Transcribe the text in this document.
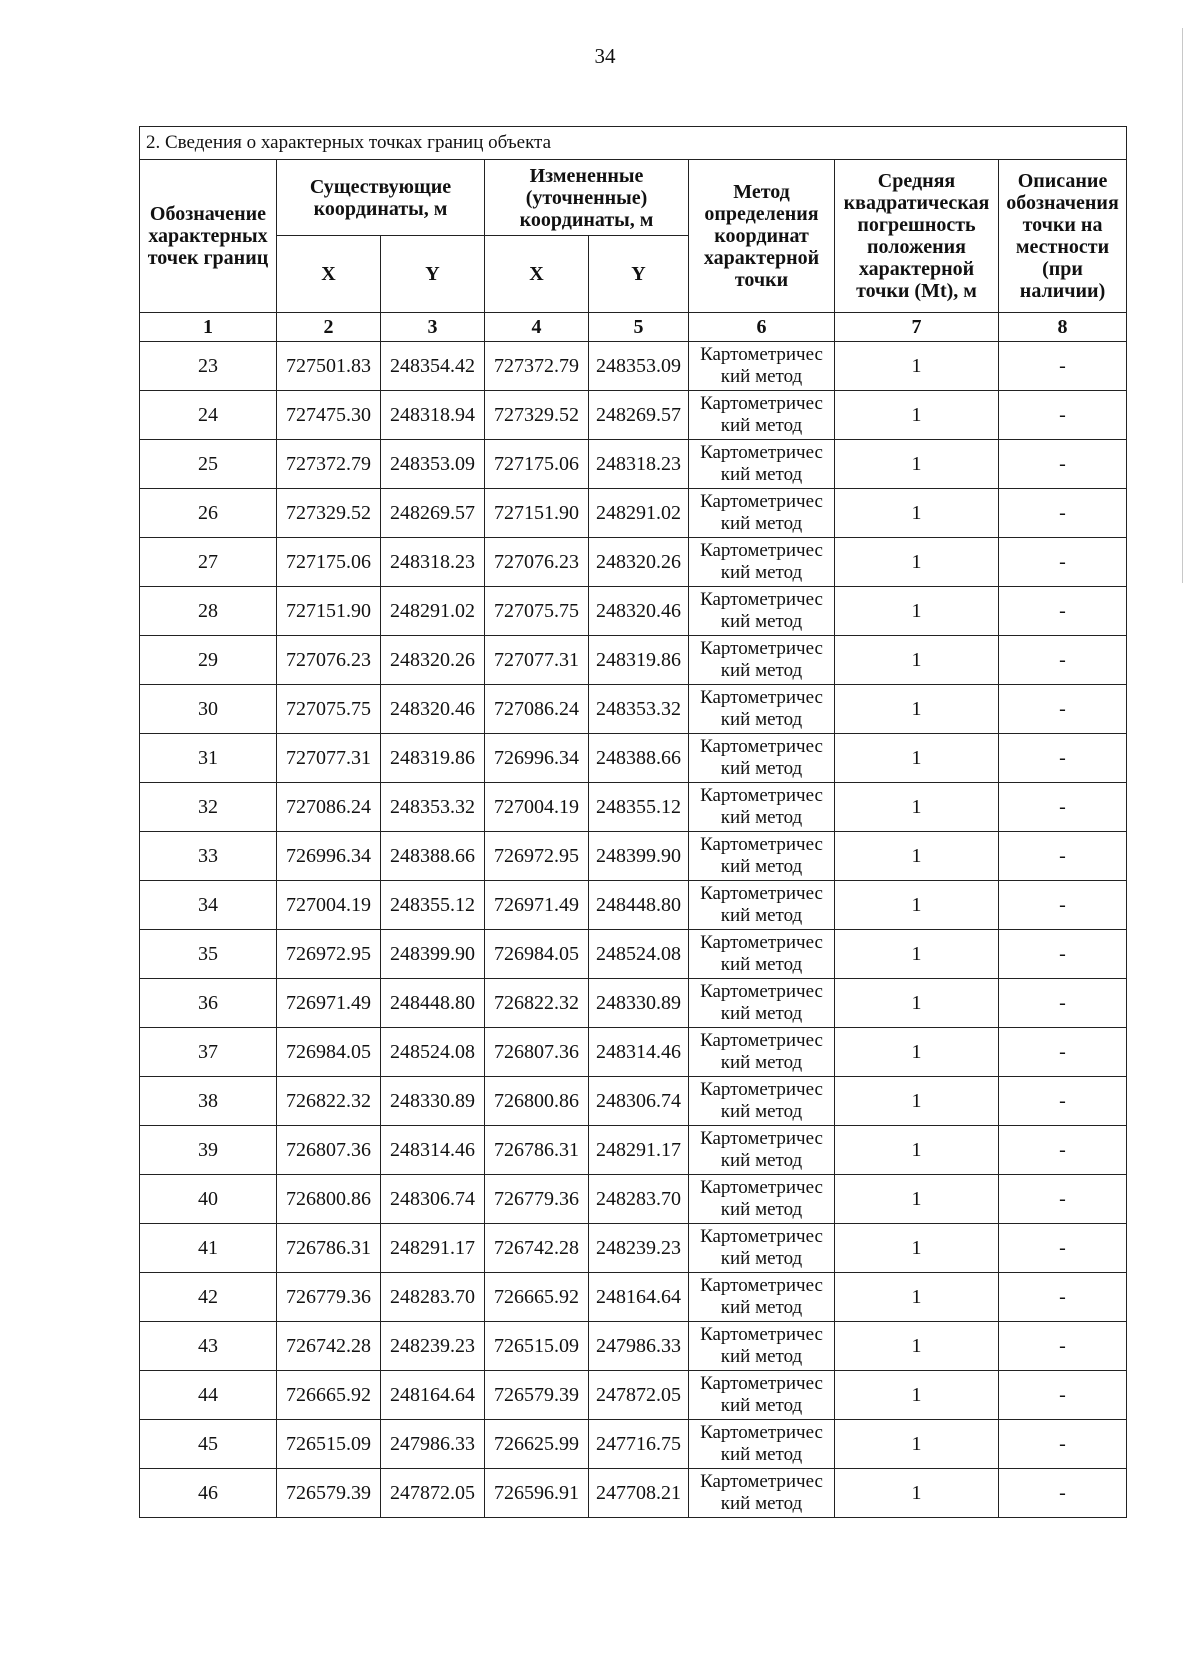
34
2. Сведения о характерных точках границ объекта							
Обозначение характерных точек границ	Существующие координаты, м		Измененные (уточненные) координаты, м		Метод определения координат характерной точки	Средняя квадратическая погрешность положения характерной точки (Mt), м	Описание обозначения точки на местности (при наличии)
	X	Y	X	Y			
1	2	3	4	5	6	7	8
23	727501.83	248354.42	727372.79	248353.09	Картометричес кий метод	1	-
24	727475.30	248318.94	727329.52	248269.57	Картометричес кий метод	1	-
25	727372.79	248353.09	727175.06	248318.23	Картометричес кий метод	1	-
26	727329.52	248269.57	727151.90	248291.02	Картометричес кий метод	1	-
27	727175.06	248318.23	727076.23	248320.26	Картометричес кий метод	1	-
28	727151.90	248291.02	727075.75	248320.46	Картометричес кий метод	1	-
29	727076.23	248320.26	727077.31	248319.86	Картометричес кий метод	1	-
30	727075.75	248320.46	727086.24	248353.32	Картометричес кий метод	1	-
31	727077.31	248319.86	726996.34	248388.66	Картометричес кий метод	1	-
32	727086.24	248353.32	727004.19	248355.12	Картометричес кий метод	1	-
33	726996.34	248388.66	726972.95	248399.90	Картометричес кий метод	1	-
34	727004.19	248355.12	726971.49	248448.80	Картометричес кий метод	1	-
35	726972.95	248399.90	726984.05	248524.08	Картометричес кий метод	1	-
36	726971.49	248448.80	726822.32	248330.89	Картометричес кий метод	1	-
37	726984.05	248524.08	726807.36	248314.46	Картометричес кий метод	1	-
38	726822.32	248330.89	726800.86	248306.74	Картометричес кий метод	1	-
39	726807.36	248314.46	726786.31	248291.17	Картометричес кий метод	1	-
40	726800.86	248306.74	726779.36	248283.70	Картометричес кий метод	1	-
41	726786.31	248291.17	726742.28	248239.23	Картометричес кий метод	1	-
42	726779.36	248283.70	726665.92	248164.64	Картометричес кий метод	1	-
43	726742.28	248239.23	726515.09	247986.33	Картометричес кий метод	1	-
44	726665.92	248164.64	726579.39	247872.05	Картометричес кий метод	1	-
45	726515.09	247986.33	726625.99	247716.75	Картометричес кий метод	1	-
46	726579.39	247872.05	726596.91	247708.21	Картометричес кий метод	1	-
